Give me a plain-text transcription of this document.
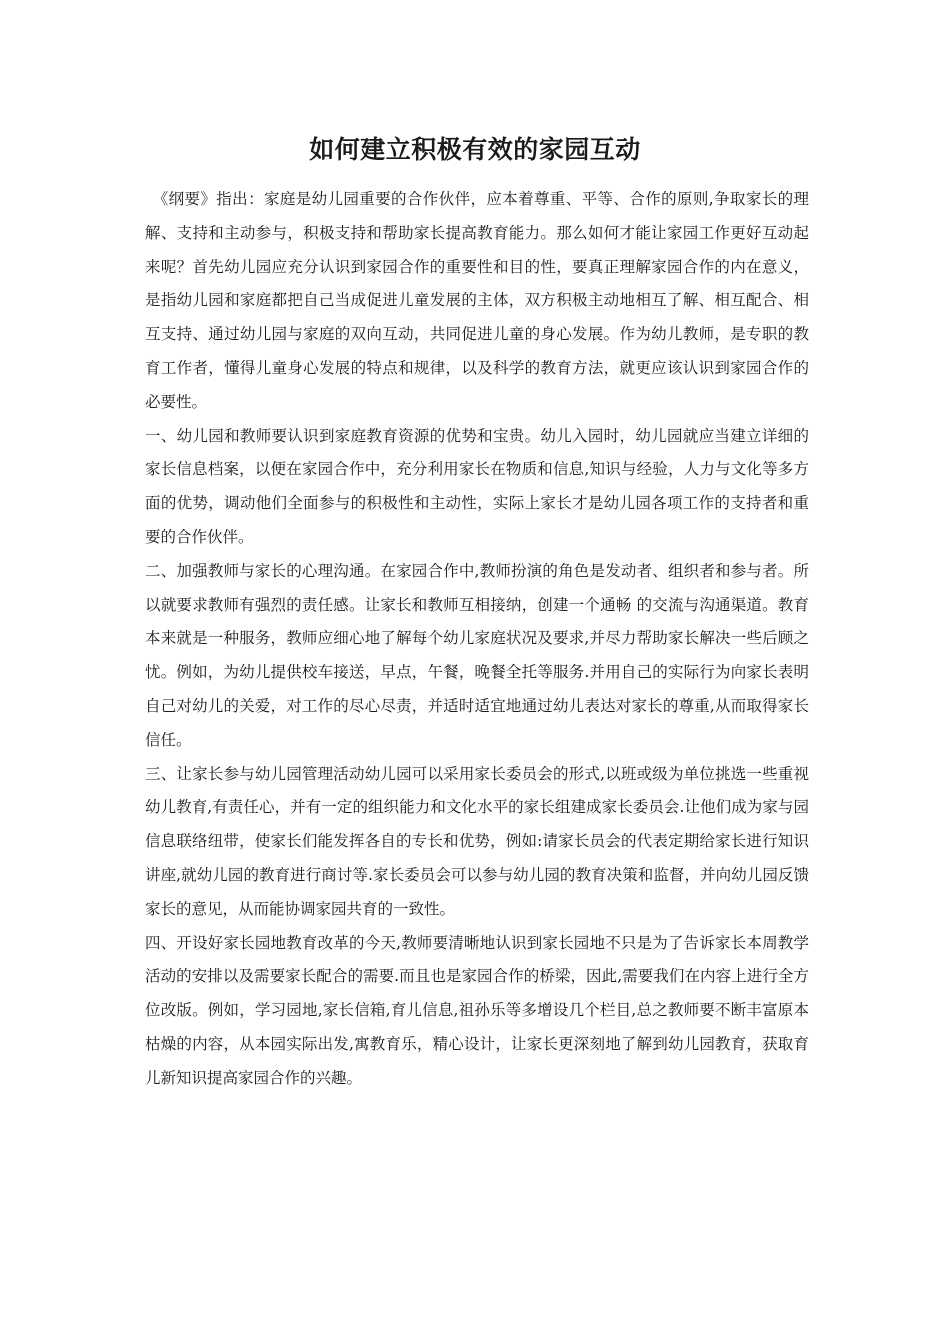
如何建立积极有效的家园互动

《纲要》指出：家庭是幼儿园重要的合作伙伴，应本着尊重、平等、合作的原则,争取家长的理解、支持和主动参与，积极支持和帮助家长提高教育能力。那么如何才能让家园工作更好互动起来呢？首先幼儿园应充分认识到家园合作的重要性和目的性，要真正理解家园合作的内在意义，是指幼儿园和家庭都把自己当成促进儿童发展的主体，双方积极主动地相互了解、相互配合、相互支持、通过幼儿园与家庭的双向互动，共同促进儿童的身心发展。作为幼儿教师，是专职的教育工作者，懂得儿童身心发展的特点和规律，以及科学的教育方法，就更应该认识到家园合作的必要性。

一、幼儿园和教师要认识到家庭教育资源的优势和宝贵。幼儿入园时，幼儿园就应当建立详细的家长信息档案，以便在家园合作中，充分利用家长在物质和信息,知识与经验，人力与文化等多方面的优势，调动他们全面参与的积极性和主动性，实际上家长才是幼儿园各项工作的支持者和重要的合作伙伴。

二、加强教师与家长的心理沟通。在家园合作中,教师扮演的角色是发动者、组织者和参与者。所以就要求教师有强烈的责任感。让家长和教师互相接纳，创建一个通畅 的交流与沟通渠道。教育本来就是一种服务，教师应细心地了解每个幼儿家庭状况及要求,并尽力帮助家长解决一些后顾之忧。例如，为幼儿提供校车接送，早点，午餐，晚餐全托等服务.并用自己的实际行为向家长表明自己对幼儿的关爱，对工作的尽心尽责，并适时适宜地通过幼儿表达对家长的尊重,从而取得家长信任。

三、让家长参与幼儿园管理活动幼儿园可以采用家长委员会的形式,以班或级为单位挑选一些重视幼儿教育,有责任心，并有一定的组织能力和文化水平的家长组建成家长委员会.让他们成为家与园信息联络纽带，使家长们能发挥各自的专长和优势，例如:请家长员会的代表定期给家长进行知识讲座,就幼儿园的教育进行商讨等.家长委员会可以参与幼儿园的教育决策和监督，并向幼儿园反馈家长的意见，从而能协调家园共育的一致性。

四、开设好家长园地教育改革的今天,教师要清晰地认识到家长园地不只是为了告诉家长本周教学活动的安排以及需要家长配合的需要.而且也是家园合作的桥梁，因此,需要我们在内容上进行全方位改版。例如，学习园地,家长信箱,育儿信息,祖孙乐等多增设几个栏目,总之教师要不断丰富原本枯燥的内容，从本园实际出发,寓教育乐，精心设计，让家长更深刻地了解到幼儿园教育，获取育儿新知识提高家园合作的兴趣。
